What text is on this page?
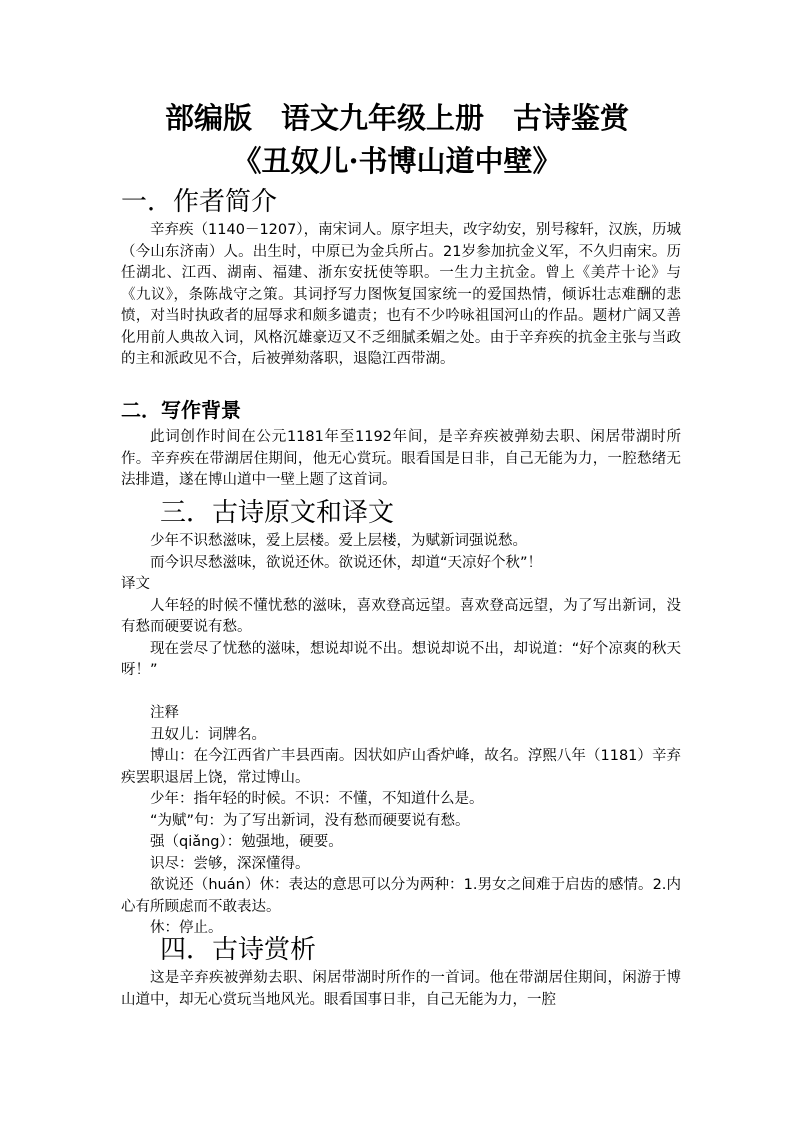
部编版　语文九年级上册　古诗鉴赏
《丑奴儿·书博山道中壁》
一．作者简介

辛弃疾（1140－1207），南宋词人。原字坦夫，改字幼安，别号稼轩，汉族，历城（今山东济南）人。出生时，中原已为金兵所占。21岁参加抗金义军，不久归南宋。历任湖北、江西、湖南、福建、浙东安抚使等职。一生力主抗金。曾上《美芹十论》与《九议》，条陈战守之策。其词抒写力图恢复国家统一的爱国热情，倾诉壮志难酬的悲愤，对当时执政者的屈辱求和颇多谴责；也有不少吟咏祖国河山的作品。题材广阔又善化用前人典故入词，风格沉雄豪迈又不乏细腻柔媚之处。由于辛弃疾的抗金主张与当政的主和派政见不合，后被弹劾落职，退隐江西带湖。

二．写作背景

此词创作时间在公元1181年至1192年间，是辛弃疾被弹劾去职、闲居带湖时所作。辛弃疾在带湖居住期间，他无心赏玩。眼看国是日非，自己无能为力，一腔愁绪无法排遣，遂在博山道中一壁上题了这首词。

三．古诗原文和译文

少年不识愁滋味，爱上层楼。爱上层楼，为赋新词强说愁。

而今识尽愁滋味，欲说还休。欲说还休，却道“天凉好个秋”！

译文

人年轻的时候不懂忧愁的滋味，喜欢登高远望。喜欢登高远望，为了写出新词，没有愁而硬要说有愁。

现在尝尽了忧愁的滋味，想说却说不出。想说却说不出，却说道：“好个凉爽的秋天呀！”

注释

丑奴儿：词牌名。

博山：在今江西省广丰县西南。因状如庐山香炉峰，故名。淳熙八年（1181）辛弃疾罢职退居上饶，常过博山。

少年：指年轻的时候。不识：不懂，不知道什么是。

“为赋”句：为了写出新词，没有愁而硬要说有愁。

强（qiǎng）：勉强地，硬要。

识尽：尝够，深深懂得。

欲说还（huán）休：表达的意思可以分为两种：1.男女之间难于启齿的感情。2.内心有所顾虑而不敢表达。

休：停止。

四．古诗赏析

这是辛弃疾被弹劾去职、闲居带湖时所作的一首词。他在带湖居住期间，闲游于博山道中，却无心赏玩当地风光。眼看国事日非，自己无能为力，一腔
